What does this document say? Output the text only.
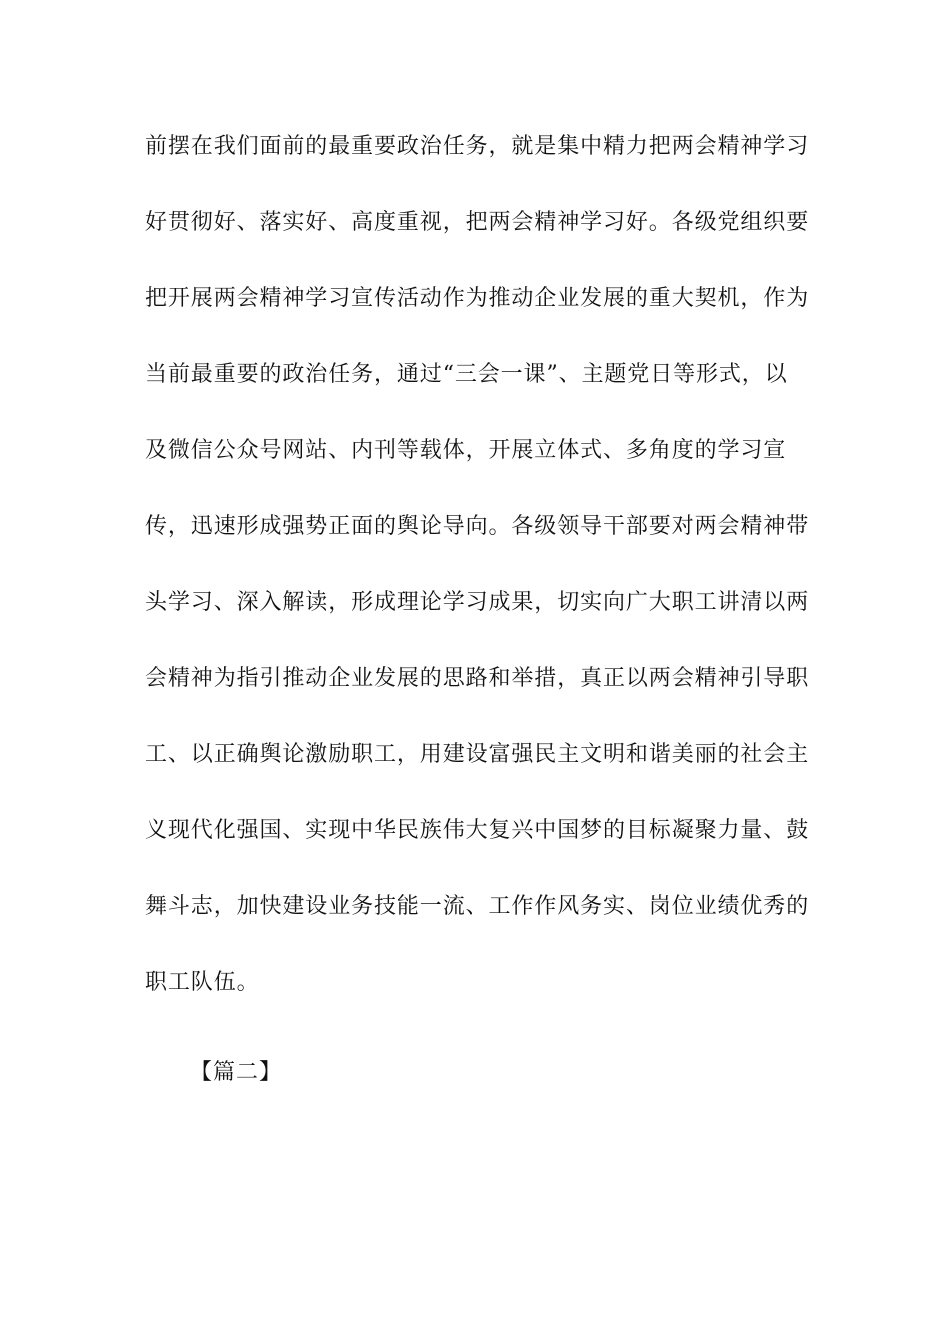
前摆在我们面前的最重要政治任务，就是集中精力把两会精神学习
好贯彻好、落实好、高度重视，把两会精神学习好。各级党组织要
把开展两会精神学习宣传活动作为推动企业发展的重大契机，作为
当前最重要的政治任务，通过“三会一课”、主题党日等形式，以
及微信公众号网站、内刊等载体，开展立体式、多角度的学习宣
传，迅速形成强势正面的舆论导向。各级领导干部要对两会精神带
头学习、深入解读，形成理论学习成果，切实向广大职工讲清以两
会精神为指引推动企业发展的思路和举措，真正以两会精神引导职
工、以正确舆论激励职工，用建设富强民主文明和谐美丽的社会主
义现代化强国、实现中华民族伟大复兴中国梦的目标凝聚力量、鼓
舞斗志，加快建设业务技能一流、工作作风务实、岗位业绩优秀的
职工队伍。

【篇二】
